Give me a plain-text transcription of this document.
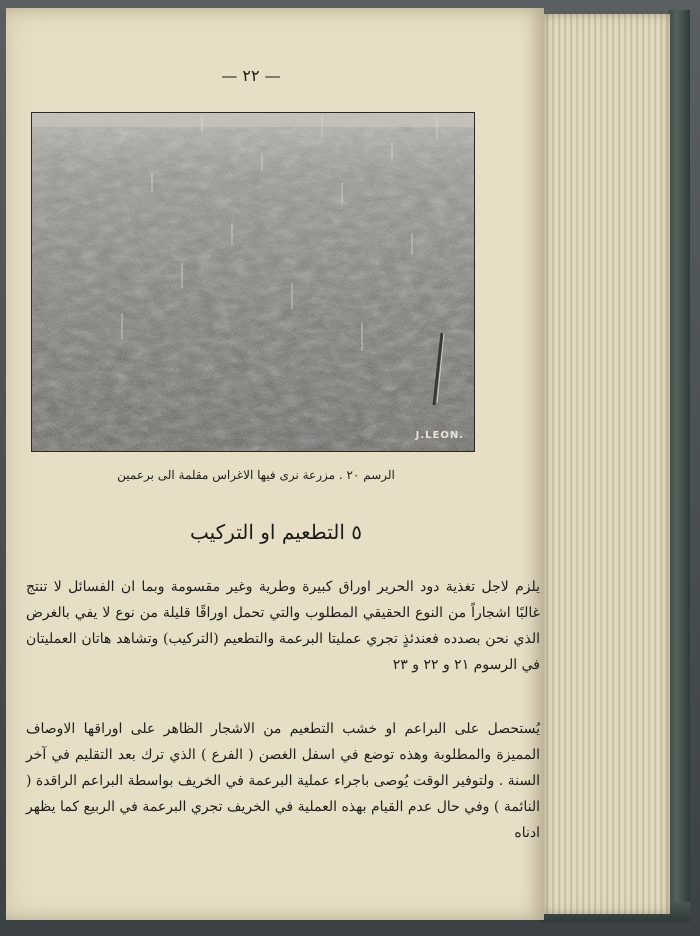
— ٢٢ —
J.LEON.
الرسم ٢٠ . مزرعة نرى فيها الاغراس مقلمة الى برعمين
٥ التطعيم او التركيب

يلزم لاجل تغذية دود الحرير اوراق كبيرة وطرية وغير مقسومة وبما ان الفسائل لا تنتج غالبًا اشجاراً من النوع الحقيقي المطلوب والتي تحمل اوراقًا قليلة من نوع لا يفي بالغرض الذي نحن بصدده فعندئذٍ تجري عمليتا البرعمة والتطعيم (التركيب) وتشاهد هاتان العمليتان في الرسوم ٢١ و ٢٢ و ٢٣

يُستحصل على البراعم او خشب التطعيم من الاشجار الظاهر على اوراقها الاوصاف المميزة والمطلوبة وهذه توضع في اسفل الغصن ( الفرع ) الذي ترك بعد التقليم في آخر السنة . ولتوفير الوقت يُوصى باجراء عملية البرعمة في الخريف بواسطة البراعم الراقدة ( النائمة ) وفي حال عدم القيام بهذه العملية في الخريف تجري البرعمة في الربيع كما يظهر ادناه
